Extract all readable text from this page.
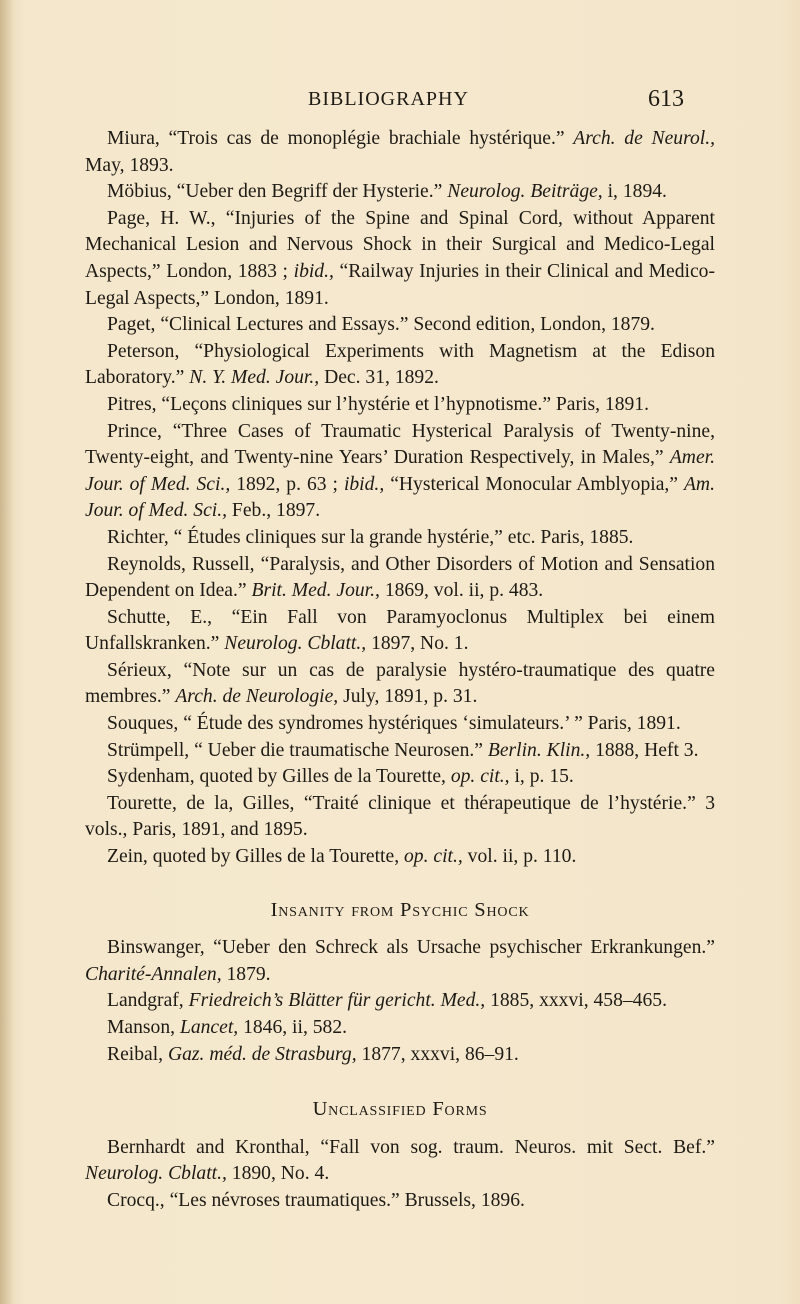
BIBLIOGRAPHY	613

Miura, “Trois cas de monoplégie brachiale hystérique.” Arch. de Neurol., May, 1893.

Möbius, “Ueber den Begriff der Hysterie.” Neurolog. Beiträge, i, 1894.

Page, H. W., “Injuries of the Spine and Spinal Cord, without Apparent Mechanical Lesion and Nervous Shock in their Surgical and Medico-Legal Aspects,” London, 1883 ; ibid., “Railway Injuries in their Clinical and Medico-Legal Aspects,” London, 1891.

Paget, “Clinical Lectures and Essays.” Second edition, London, 1879.

Peterson, “Physiological Experiments with Magnetism at the Edison Laboratory.” N. Y. Med. Jour., Dec. 31, 1892.

Pitres, “Leçons cliniques sur l’hystérie et l’hypnotisme.” Paris, 1891.

Prince, “Three Cases of Traumatic Hysterical Paralysis of Twenty-nine, Twenty-eight, and Twenty-nine Years’ Duration Respectively, in Males,” Amer. Jour. of Med. Sci., 1892, p. 63 ; ibid., “Hysterical Monocular Amblyopia,” Am. Jour. of Med. Sci., Feb., 1897.

Richter, “ Études cliniques sur la grande hystérie,” etc. Paris, 1885.

Reynolds, Russell, “Paralysis, and Other Disorders of Motion and Sensation Dependent on Idea.” Brit. Med. Jour., 1869, vol. ii, p. 483.

Schutte, E., “Ein Fall von Paramyoclonus Multiplex bei einem Unfallskranken.” Neurolog. Cblatt., 1897, No. 1.

Sérieux, “Note sur un cas de paralysie hystéro-traumatique des quatre membres.” Arch. de Neurologie, July, 1891, p. 31.

Souques, “ Étude des syndromes hystériques ‘simulateurs.’ ” Paris, 1891.

Strümpell, “ Ueber die traumatische Neurosen.” Berlin. Klin., 1888, Heft 3.

Sydenham, quoted by Gilles de la Tourette, op. cit., i, p. 15.

Tourette, de la, Gilles, “Traité clinique et thérapeutique de l’hystérie.” 3 vols., Paris, 1891, and 1895.

Zein, quoted by Gilles de la Tourette, op. cit., vol. ii, p. 110.

Insanity from Psychic Shock

Binswanger, “Ueber den Schreck als Ursache psychischer Erkrankungen.” Charité-Annalen, 1879.

Landgraf, Friedreich’s Blätter für gericht. Med., 1885, xxxvi, 458–465.

Manson, Lancet, 1846, ii, 582.

Reibal, Gaz. méd. de Strasburg, 1877, xxxvi, 86–91.

Unclassified Forms

Bernhardt and Kronthal, “Fall von sog. traum. Neuros. mit Sect. Bef.” Neurolog. Cblatt., 1890, No. 4.

Crocq., “Les névroses traumatiques.” Brussels, 1896.
